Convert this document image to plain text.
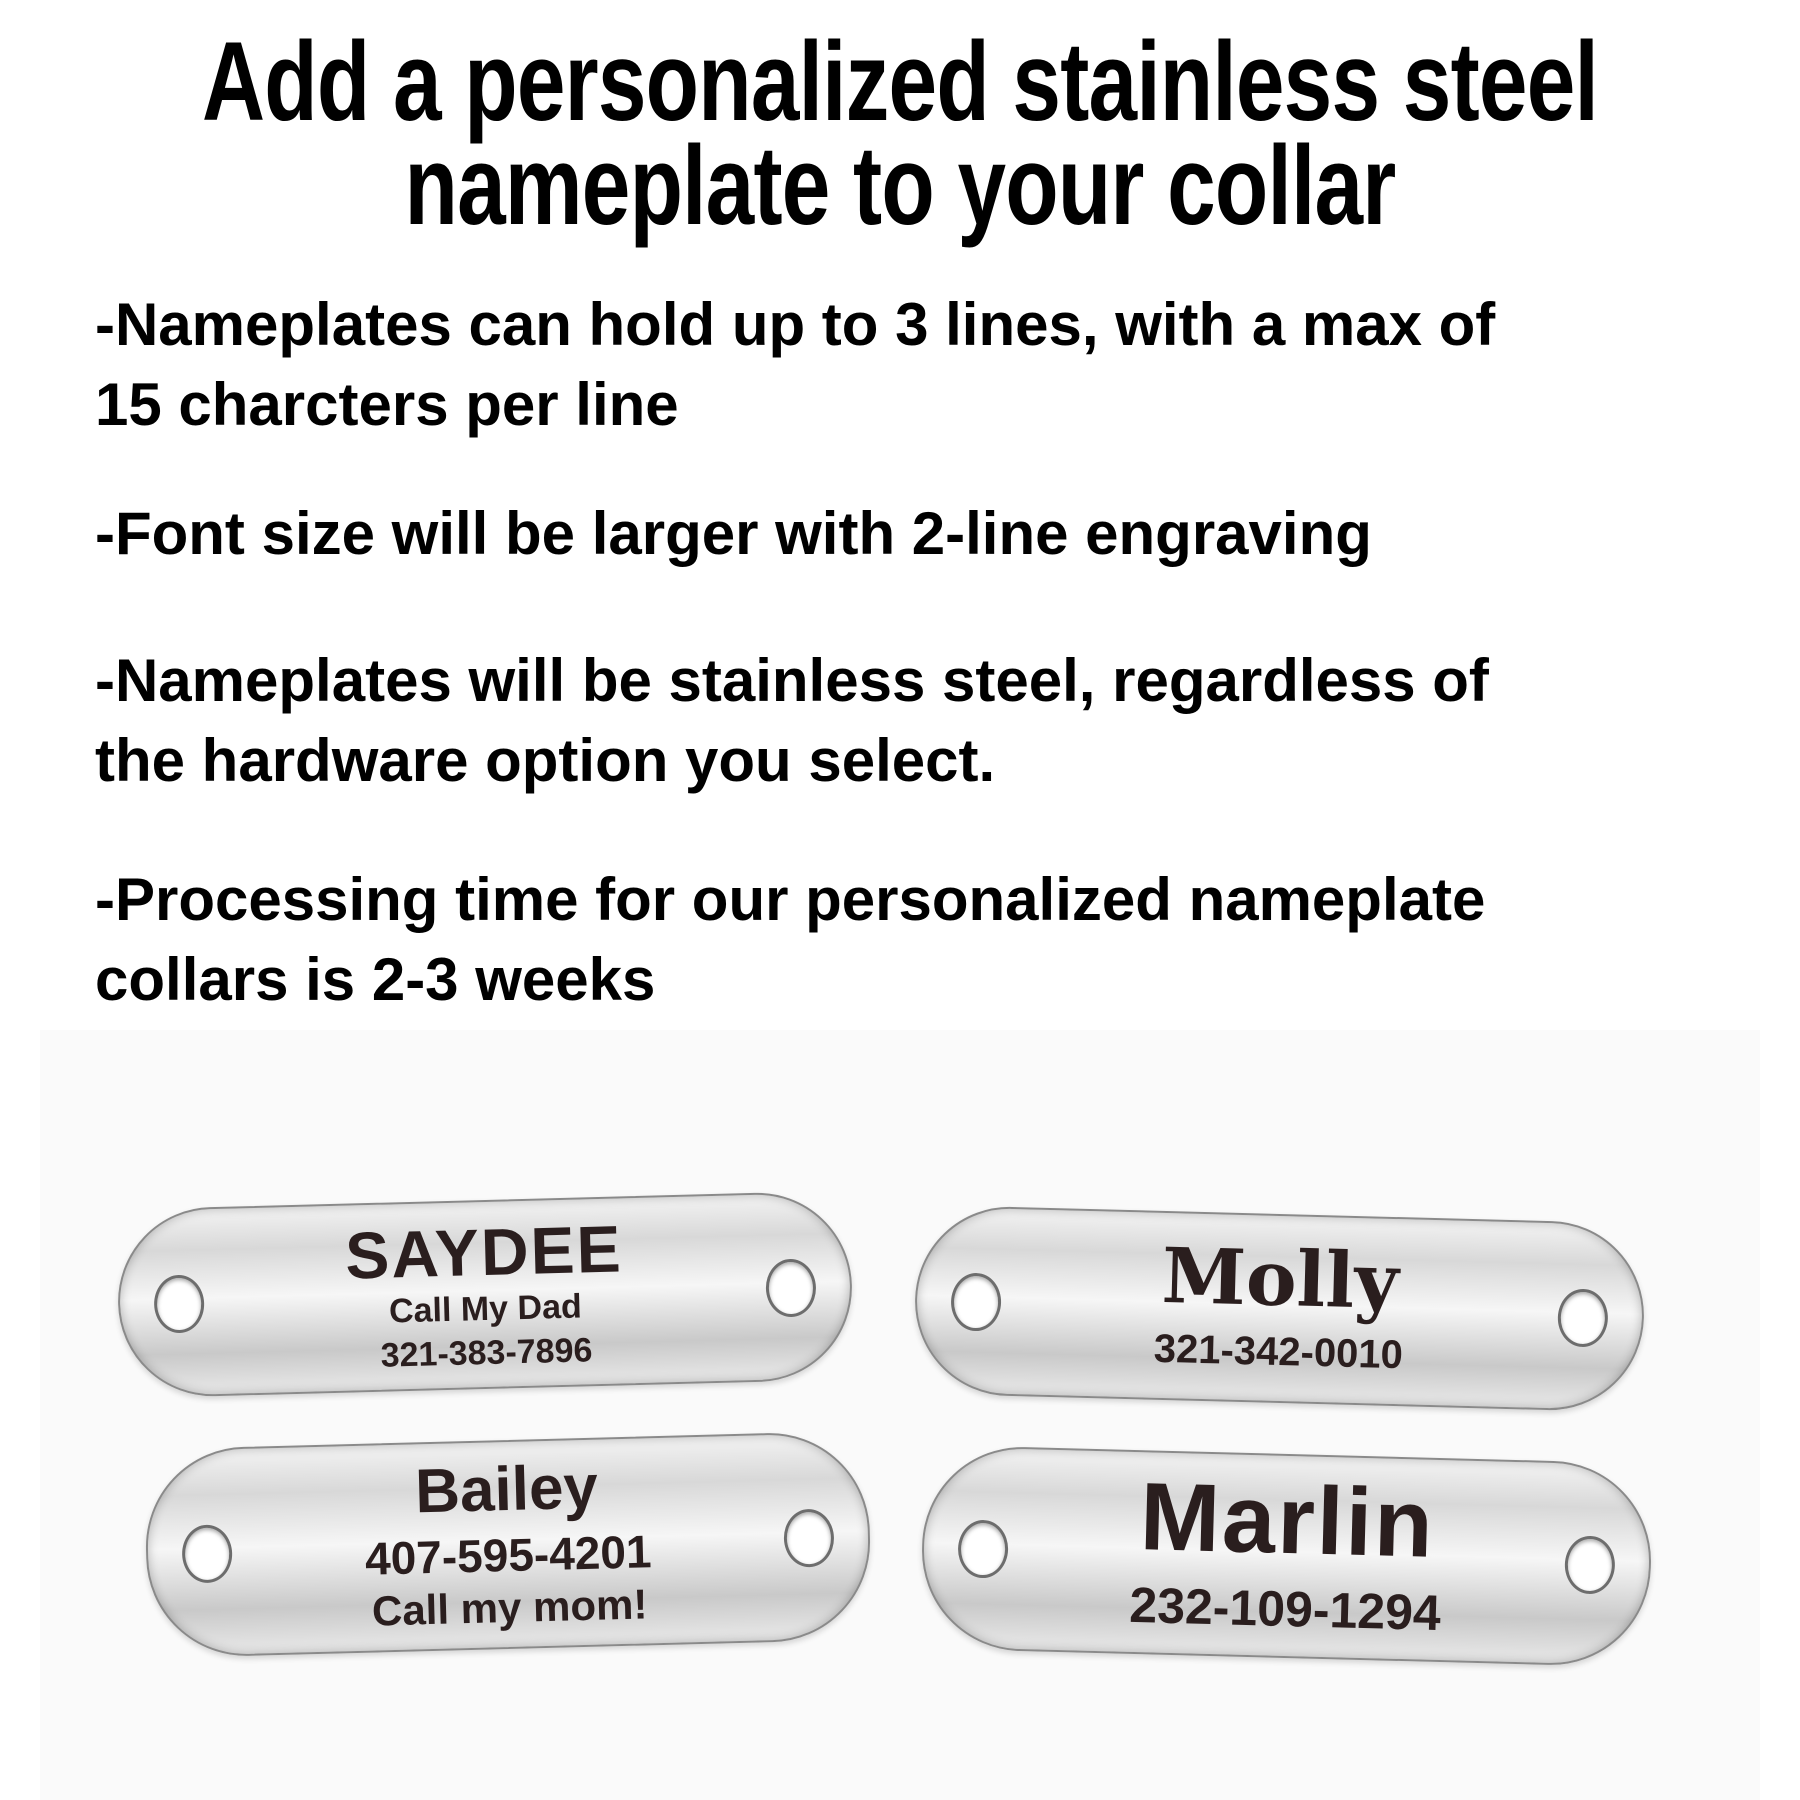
Add a personalized stainless steel
nameplate to your collar
-Nameplates can hold up to 3 lines, with a max of
15 charcters per line
-Font size will be larger with 2-line engraving
-Nameplates will be stainless steel, regardless of
the hardware option you select.
-Processing time for our personalized nameplate
collars is 2-3 weeks
SAYDEE
Call My Dad
321-383-7896
Molly
321-342-0010
Bailey
407-595-4201
Call my mom!
Marlin
232-109-1294
